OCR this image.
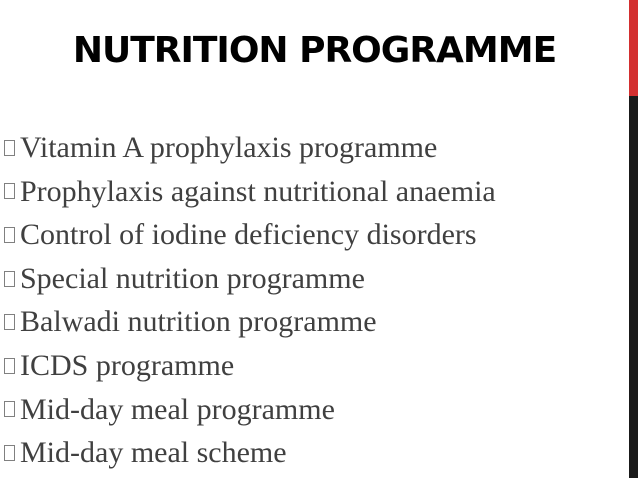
NUTRITION PROGRAMME
Vitamin A prophylaxis programme
Prophylaxis against nutritional anaemia
Control of iodine deficiency disorders
Special nutrition programme
Balwadi nutrition programme
ICDS programme
Mid-day meal programme
Mid-day meal scheme
